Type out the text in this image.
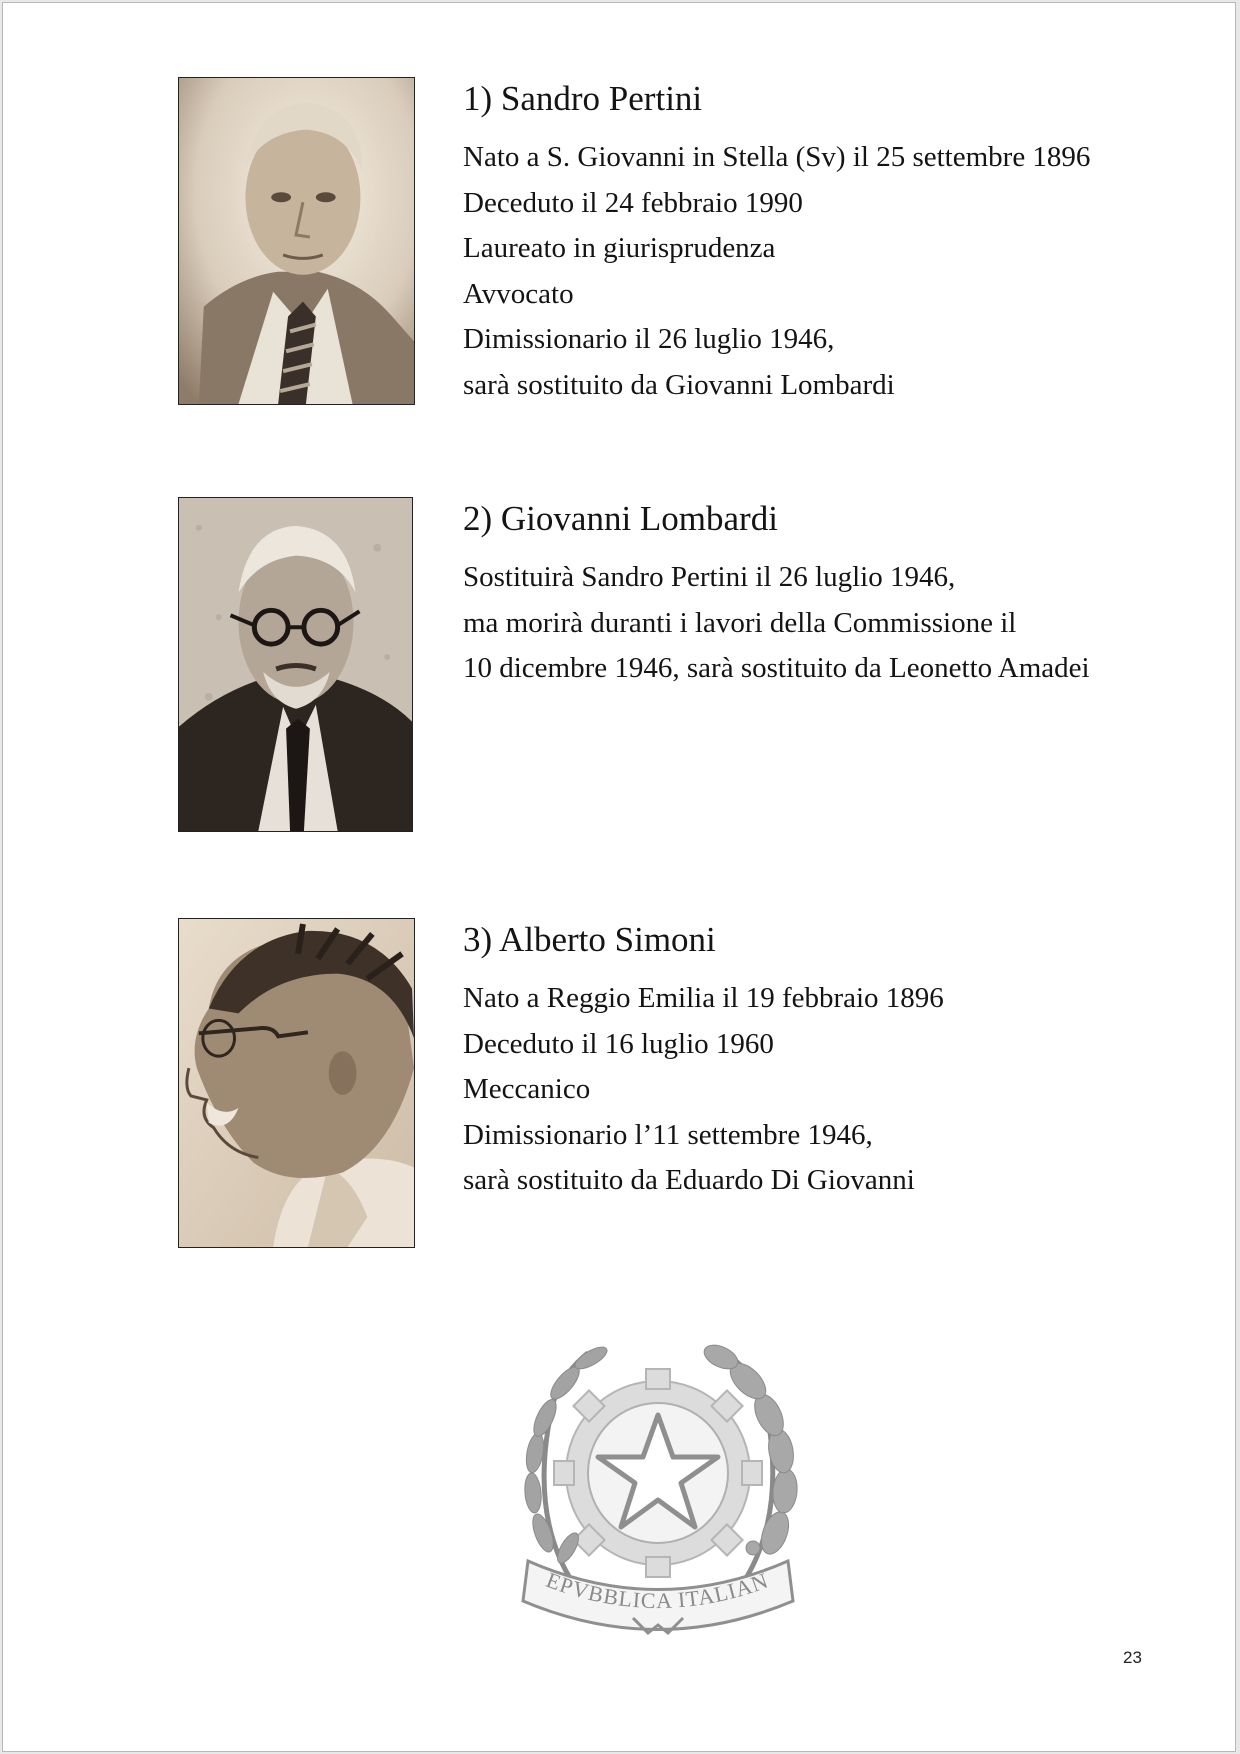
1) Sandro Pertini
Nato a S. Giovanni in Stella (Sv) il 25 settembre 1896
Deceduto il 24 febbraio 1990
Laureato in giurisprudenza
Avvocato
Dimissionario il 26 luglio 1946,
sarà sostituito da Giovanni Lombardi
2) Giovanni Lombardi
Sostituirà Sandro Pertini il 26 luglio 1946,
ma morirà duranti i lavori della Commissione il
10 dicembre 1946, sarà sostituito da Leonetto Amadei
3) Alberto Simoni
Nato a Reggio Emilia il 19 febbraio 1896
Deceduto il 16 luglio 1960
Meccanico
Dimissionario l’11 settembre 1946,
sarà sostituito da Eduardo Di Giovanni
EPVBBLICA ITALIAN
23
